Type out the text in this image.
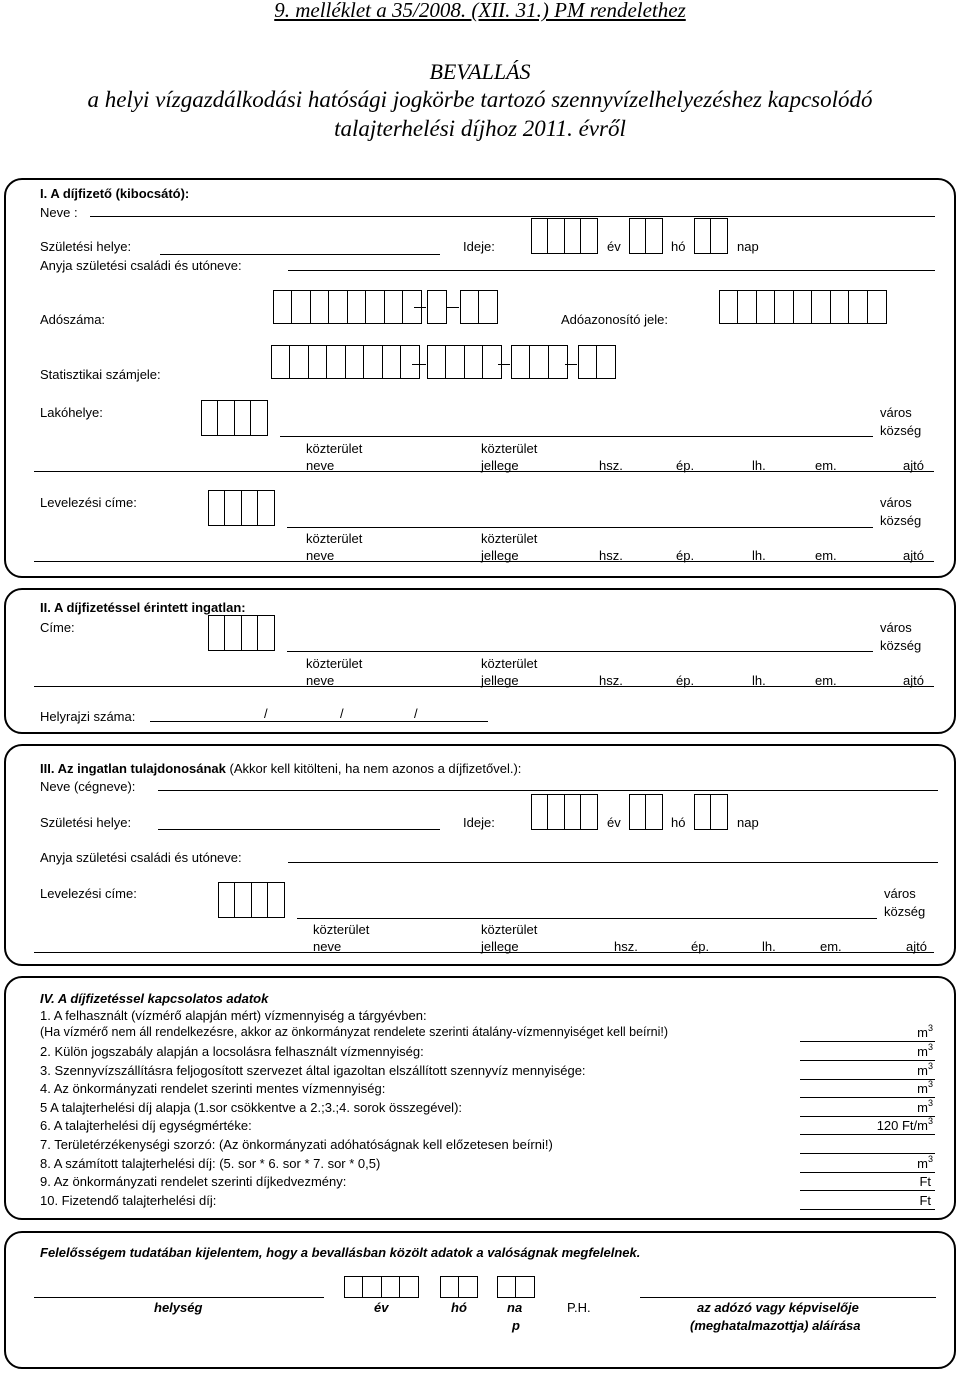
9. melléklet a 35/2008. (XII. 31.) PM rendelethez
BEVALLÁS
a helyi vízgazdálkodási hatósági jogkörbe tartozó szennyvízelhelyezéshez kapcsolódó
talajterhelési díjhoz 2011. évről
I. A díjfizető (kibocsátó):
Neve :
Születési helye:	Ideje:	év	hó	nap
Anyja születési családi és utóneve:
Adószáma:	Adóazonosító jele:
Statisztikai számjele:
Lakóhelye:	város
község
közterület	közterület
neve	jellege	hsz.	ép.	lh.	em.	ajtó
Levelezési címe:	város
község
közterület	közterület
neve	jellege	hsz.	ép.	lh.	em.	ajtó
II. A díjfizetéssel érintett ingatlan:
Címe:	város
község
közterület	közterület
neve	jellege	hsz.	ép.	lh.	em.	ajtó
Helyrajzi száma:	/	/	/
III. Az ingatlan tulajdonosának (Akkor kell kitölteni, ha nem azonos a díjfizetővel.):
Neve (cégneve):
Születési helye:	Ideje:	év	hó	nap
Anyja születési családi és utóneve:
Levelezési címe:	város
község
közterület	közterület
neve	jellege	hsz.	ép.	lh.	em.	ajtó
IV. A díjfizetéssel kapcsolatos adatok
1. A felhasznált (vízmérő alapján mért) vízmennyiség a tárgyévben:
(Ha vízmérő nem áll rendelkezésre, akkor az önkormányzat rendelete szerinti átalány-vízmennyiséget kell beírni!)	$m^3$
2. Külön jogszabály alapján a locsolásra felhasznált vízmennyiség:	$m^3$
3. Szennyvízszállításra feljogosított szervezet által igazoltan elszállított szennyvíz mennyisége:	$m^3$
4. Az önkormányzati rendelet szerinti mentes vízmennyiség:	$m^3$
5 A talajterhelési díj alapja (1.sor csökkentve a 2.;3.;4. sorok összegével):	$m^3$
6. A talajterhelési díj egységmértéke:	120 $Ft/m^3$
7. Területérzékenységi szorzó: (Az önkormányzati adóhatóságnak kell előzetesen beírni!)
8. A számított talajterhelési díj: (5. sor * 6. sor * 7. sor * 0,5)	$m^3$
9. Az önkormányzati rendelet szerinti díjkedvezmény:	Ft
10. Fizetendő talajterhelési díj:	Ft
Felelősségem tudatában kijelentem, hogy a bevallásban közölt adatok a valóságnak megfelelnek.
helység	év	hó	na
p
P.H.	az adózó vagy képviselője
(meghatalmazottja) aláírása
